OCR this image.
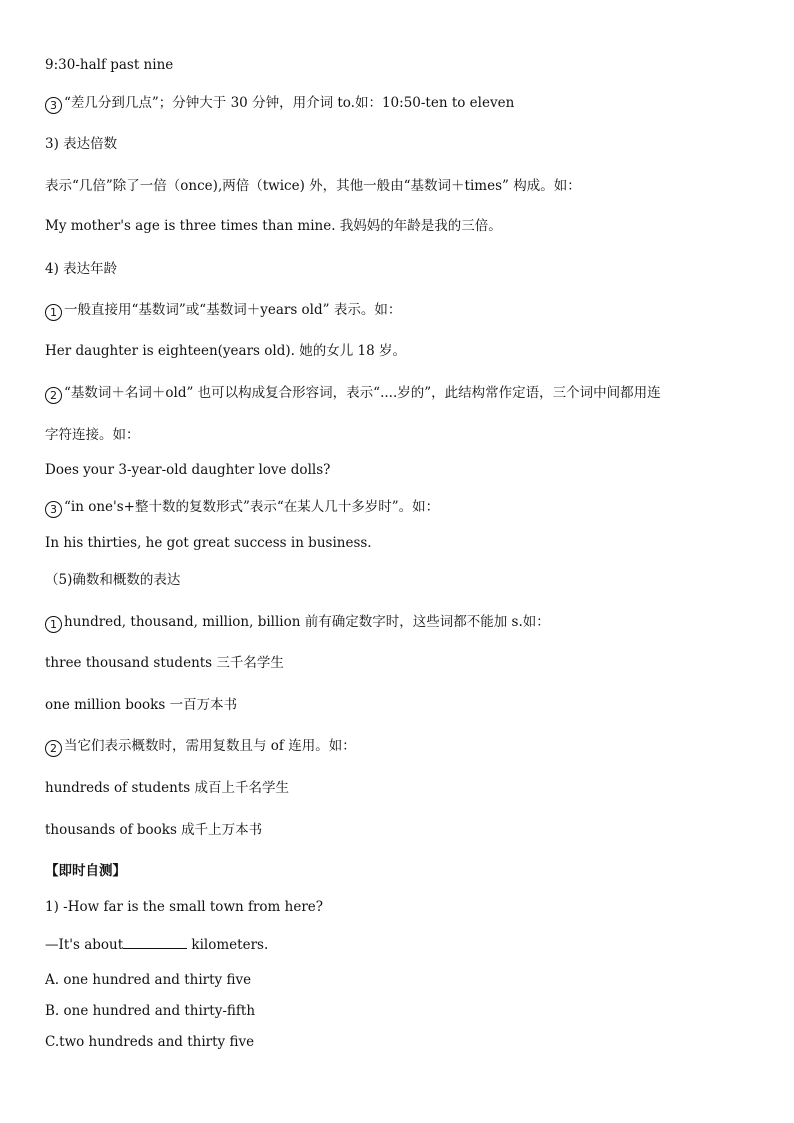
9:30-half past nine
3 “差几分到几点”；分钟大于 30 分钟，用介词 to.如：10:50-ten to eleven
3) 表达倍数
表示“几倍”除了一倍（once),两倍（twice) 外，其他一般由“基数词＋times” 构成。如：
My mother's age is three times than mine. 我妈妈的年龄是我的三倍。
4) 表达年龄
1 一般直接用“基数词”或“基数词＋years old” 表示。如：
Her daughter is eighteen(years old). 她的女儿 18 岁。
2 “基数词＋名词＋old” 也可以构成复合形容词，表示“....岁的”，此结构常作定语，三个词中间都用连
字符连接。如：
Does your 3-year-old daughter love dolls?
3 “in one's+整十数的复数形式”表示“在某人几十多岁时”。如：
In his thirties, he got great success in business.
（5)确数和概数的表达
1 hundred, thousand, million, billion 前有确定数字时，这些词都不能加 s.如：
three thousand students 三千名学生
one million books 一百万本书
2 当它们表示概数时，需用复数且与 of 连用。如：
hundreds of students 成百上千名学生
thousands of books 成千上万本书
【即时自测】
1) -How far is the small town from here?
—It's about	kilometers.
A. one hundred and thirty five
B. one hundred and thirty-fifth
C.two hundreds and thirty five
